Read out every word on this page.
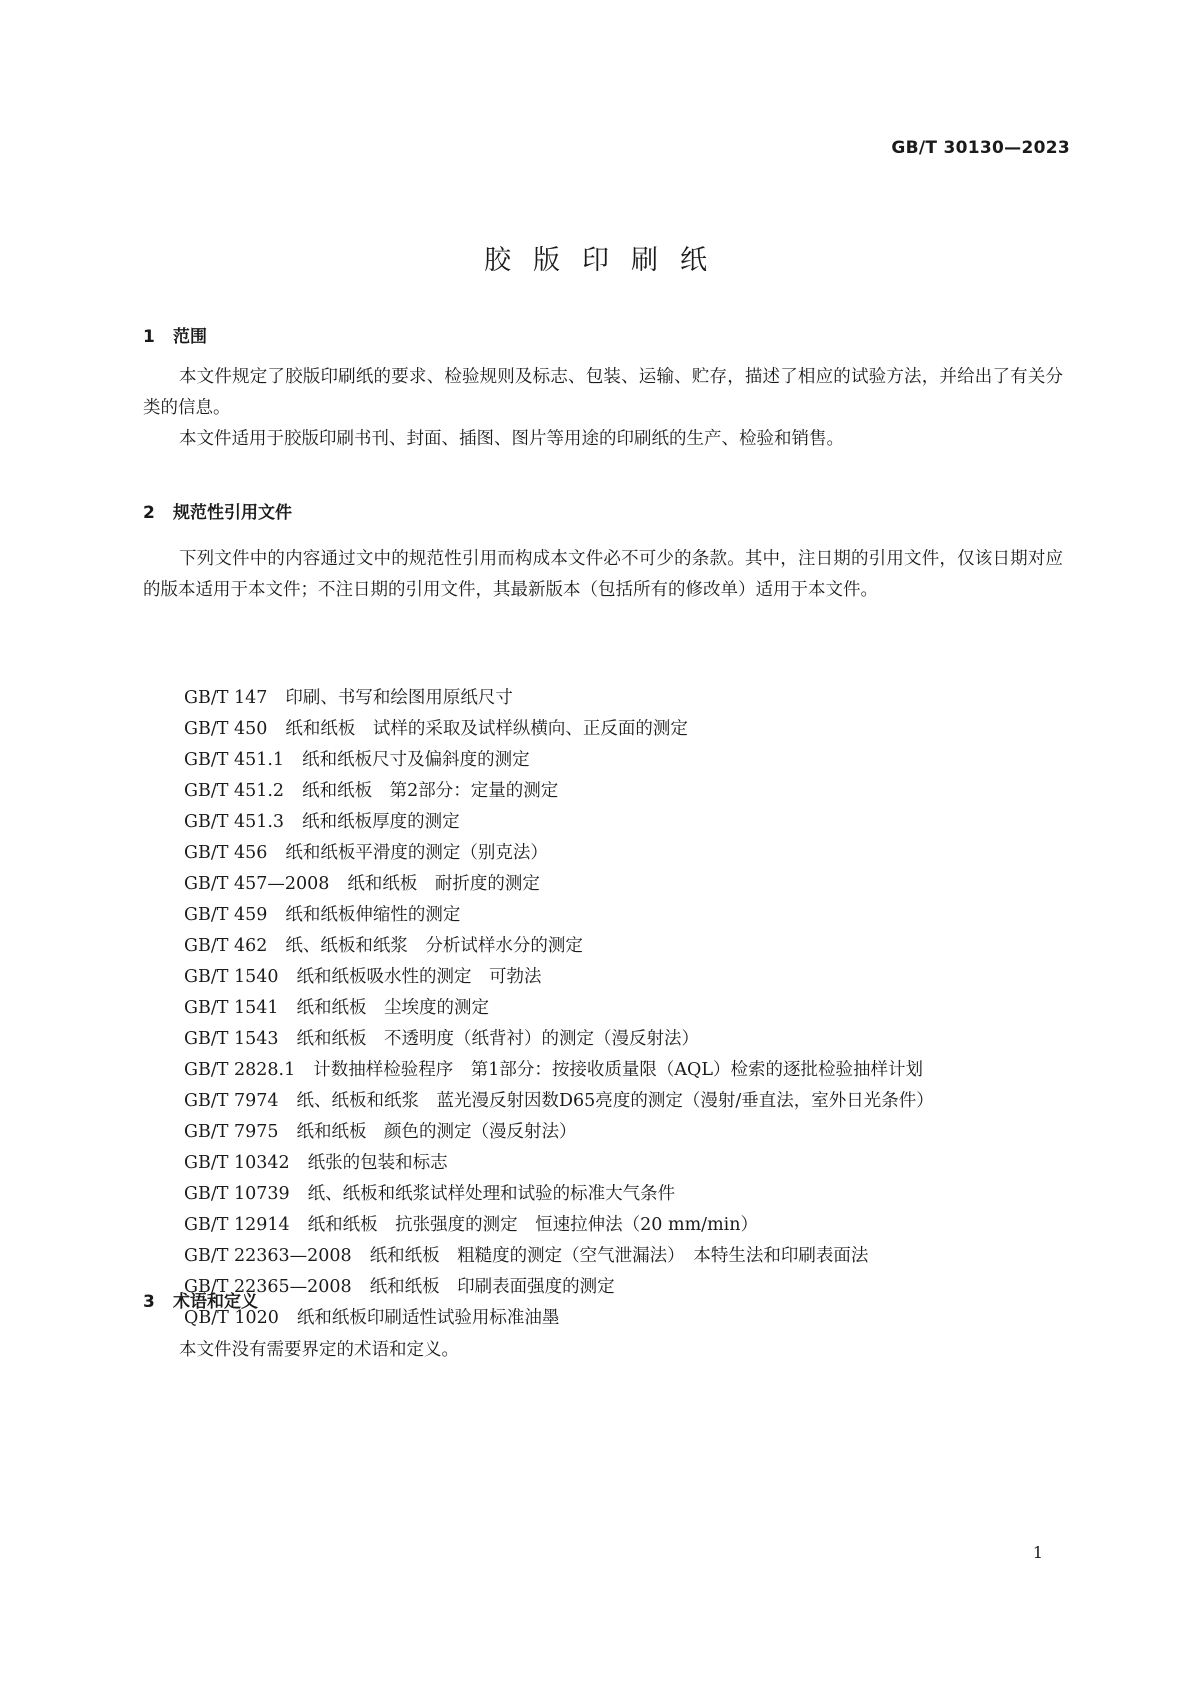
GB/T 30130—2023
胶版印刷纸
1 范围

本文件规定了胶版印刷纸的要求、检验规则及标志、包装、运输、贮存，描述了相应的试验方法，并给出了有关分类的信息。

本文件适用于胶版印刷书刊、封面、插图、图片等用途的印刷纸的生产、检验和销售。

2 规范性引用文件

下列文件中的内容通过文中的规范性引用而构成本文件必不可少的条款。其中，注日期的引用文件，仅该日期对应的版本适用于本文件；不注日期的引用文件，其最新版本（包括所有的修改单）适用于本文件。

GB/T 147 印刷、书写和绘图用原纸尺寸
GB/T 450 纸和纸板　试样的采取及试样纵横向、正反面的测定
GB/T 451.1 纸和纸板尺寸及偏斜度的测定
GB/T 451.2 纸和纸板　第2部分：定量的测定
GB/T 451.3 纸和纸板厚度的测定
GB/T 456 纸和纸板平滑度的测定（别克法）
GB/T 457—2008 纸和纸板　耐折度的测定
GB/T 459 纸和纸板伸缩性的测定
GB/T 462 纸、纸板和纸浆　分析试样水分的测定
GB/T 1540 纸和纸板吸水性的测定　可勃法
GB/T 1541 纸和纸板　尘埃度的测定
GB/T 1543 纸和纸板　不透明度（纸背衬）的测定（漫反射法）
GB/T 2828.1 计数抽样检验程序　第1部分：按接收质量限（AQL）检索的逐批检验抽样计划
GB/T 7974 纸、纸板和纸浆　蓝光漫反射因数D65亮度的测定（漫射/垂直法，室外日光条件）
GB/T 7975 纸和纸板　颜色的测定（漫反射法）
GB/T 10342 纸张的包装和标志
GB/T 10739 纸、纸板和纸浆试样处理和试验的标准大气条件
GB/T 12914 纸和纸板　抗张强度的测定　恒速拉伸法（20 mm/min）
GB/T 22363—2008 纸和纸板　粗糙度的测定（空气泄漏法）　本特生法和印刷表面法
GB/T 22365—2008 纸和纸板　印刷表面强度的测定
QB/T 1020 纸和纸板印刷适性试验用标准油墨
3 术语和定义

本文件没有需要界定的术语和定义。

1
